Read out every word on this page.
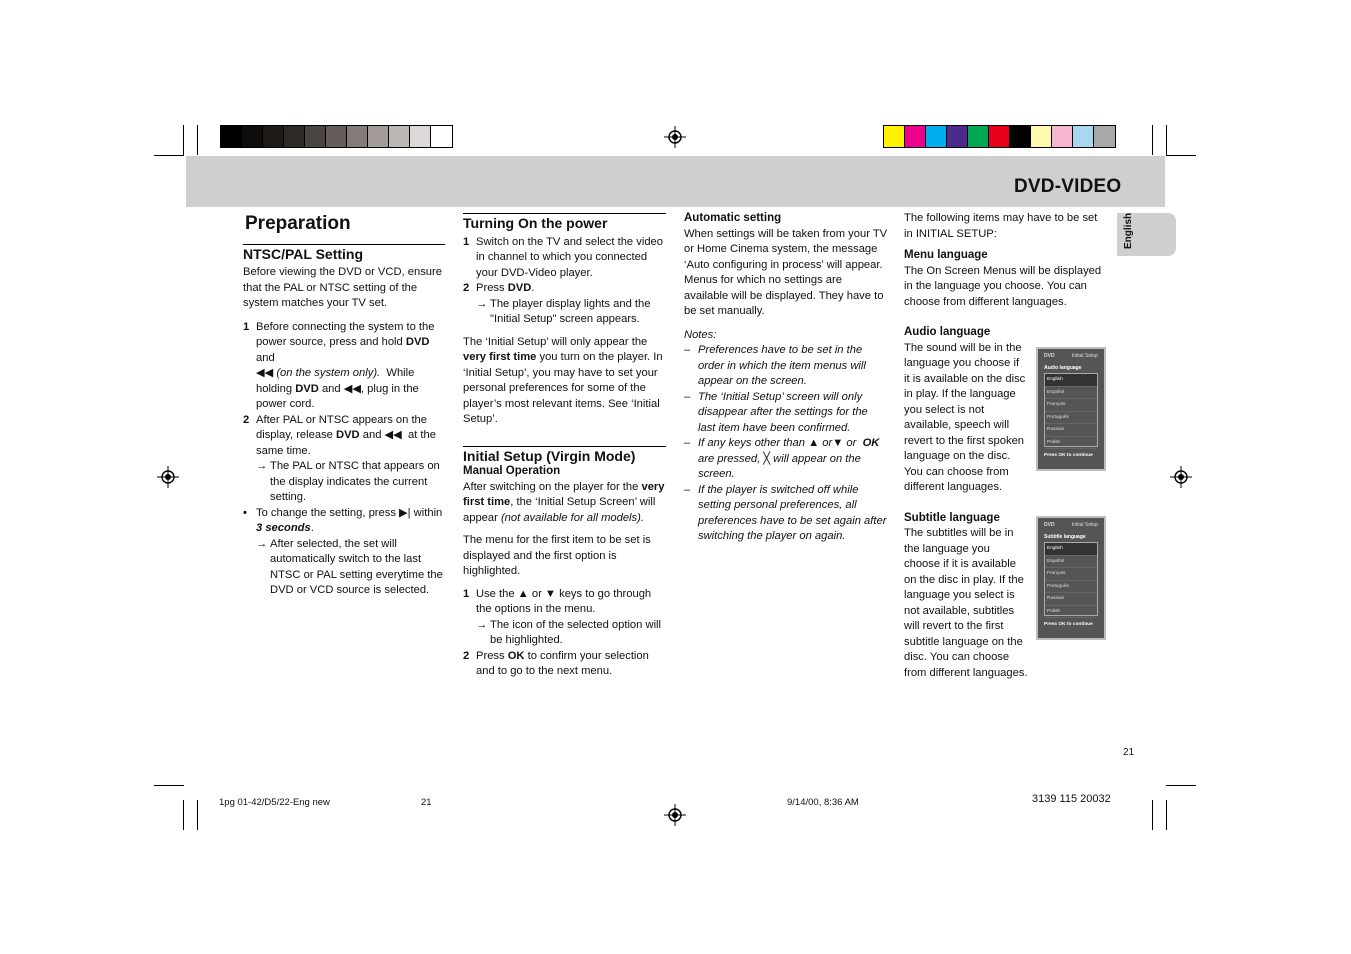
DVD-VIDEO
English
Preparation
NTSC/PAL Setting

Before viewing the DVD or VCD, ensure that the PAL or NTSC setting of the system matches your TV set.

1 Before connecting the system to the power source, press and hold DVD and
◀◀ (on the system only). While holding DVD and ◀◀, plug in the power cord.
2 After PAL or NTSC appears on the display, release DVD and ◀◀ at the same time.
→ The PAL or NTSC that appears on the display indicates the current setting.
• To change the setting, press ▶| within
3 seconds.
→ After selected, the set will automatically switch to the last NTSC or PAL setting everytime the DVD or VCD source is selected.
Turning On the power
1 Switch on the TV and select the video in channel to which you connected your DVD-Video player.
2 Press DVD.
→ The player display lights and the "Initial Setup" screen appears.

The ‘Initial Setup’ will only appear the very first time you turn on the player. In ‘Initial Setup’, you may have to set your personal preferences for some of the player’s most relevant items. See ‘Initial Setup’.

Initial Setup (Virgin Mode)
Manual Operation

After switching on the player for the very first time, the ‘Initial Setup Screen’ will appear (not available for all models).

The menu for the first item to be set is displayed and the first option is highlighted.

1 Use the ▲ or ▼ keys to go through the options in the menu.
→ The icon of the selected option will be highlighted.
2 Press OK to confirm your selection and to go to the next menu.
Automatic setting

When settings will be taken from your TV or Home Cinema system, the message ‘Auto configuring in process’ will appear. Menus for which no settings are available will be displayed. They have to be set manually.

Notes:

– Preferences have to be set in the order in which the item menus will appear on the screen.

– The ‘Initial Setup’ screen will only disappear after the settings for the last item have been confirmed.

– If any keys other than ▲ or▼ or OK are pressed, ╳ will appear on the screen.

– If the player is switched off while setting personal preferences, all preferences have to be set again after switching the player on again.

The following items may have to be set in INITIAL SETUP:

Menu language

The On Screen Menus will be displayed in the language you choose. You can choose from different languages.

Audio language

The sound will be in the language you choose if it is available on the disc in play. If the language you select is not available, speech will revert to the first spoken language on the disc. You can choose from different languages.

Subtitle language

The subtitles will be in the language you choose if it is available on the disc in play. If the language you select is not available, subtitles will revert to the first subtitle language on the disc. You can choose from different languages.

DVD	Initial Setup
Audio language
English
Español
Français
Português
Russian
Polish
Press OK to continue
DVD	Initial Setup
Subtitle language
English
Español
Français
Português
Russian
Polish
Press OK to continue
21
1pg 01-42/D5/22-Eng new	21	9/14/00, 8:36 AM	3139 115 20032
